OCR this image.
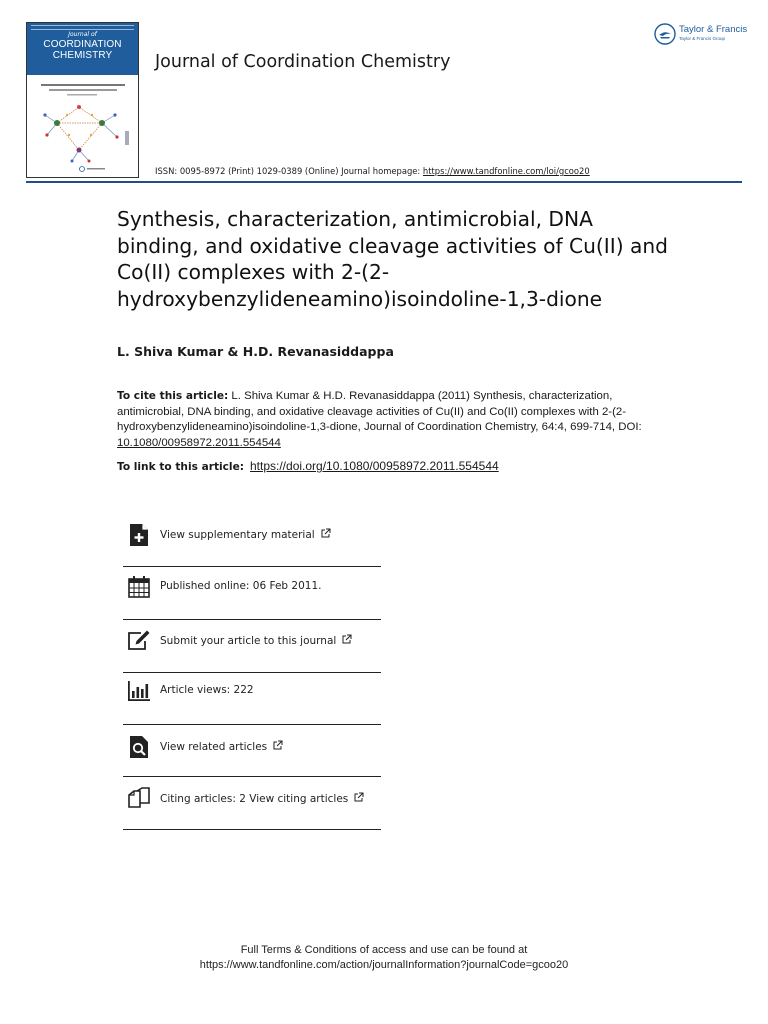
Journal of
COORDINATION
CHEMISTRY
Taylor & Francis
Taylor & Francis Group
Journal of Coordination Chemistry
ISSN: 0095-8972 (Print) 1029-0389 (Online) Journal homepage: https://www.tandfonline.com/loi/gcoo20
Synthesis, characterization, antimicrobial, DNA binding, and oxidative cleavage activities of Cu(II) and Co(II) complexes with 2-(2-hydroxybenzylideneamino)isoindoline-1,3-dione
L. Shiva Kumar & H.D. Revanasiddappa
To cite this article: L. Shiva Kumar & H.D. Revanasiddappa (2011) Synthesis, characterization, antimicrobial, DNA binding, and oxidative cleavage activities of Cu(II) and Co(II) complexes with 2-(2-hydroxybenzylideneamino)isoindoline-1,3-dione, Journal of Coordination Chemistry, 64:4, 699-714, DOI: 10.1080/00958972.2011.554544
To link to this article: https://doi.org/10.1080/00958972.2011.554544
View supplementary material
Published online: 06 Feb 2011.
Submit your article to this journal
Article views: 222
View related articles
Citing articles: 2 View citing articles
Full Terms & Conditions of access and use can be found at
https://www.tandfonline.com/action/journalInformation?journalCode=gcoo20
